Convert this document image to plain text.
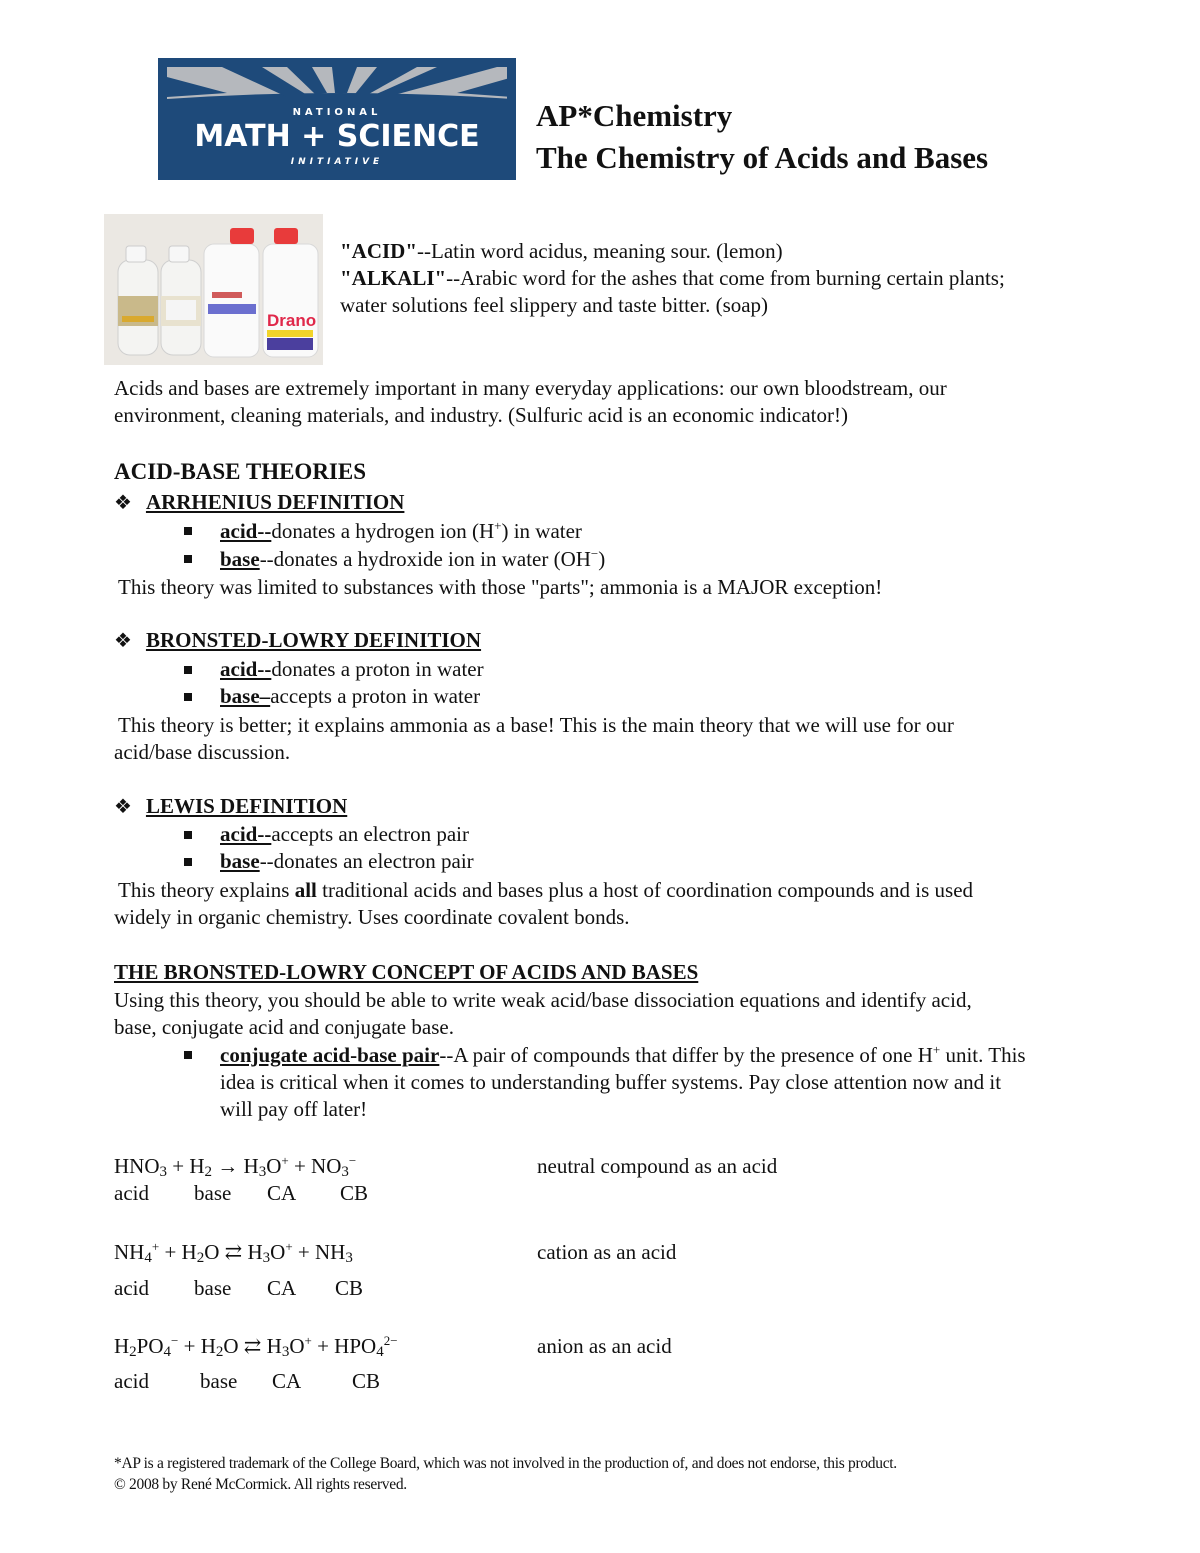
NATIONAL
MATH + SCIENCE
INITIATIVE
AP*Chemistry
The Chemistry of Acids and Bases
Drano
"ACID"--Latin word acidus, meaning sour. (lemon)
"ALKALI"--Arabic word for the ashes that come from burning certain plants;
water solutions feel slippery and taste bitter. (soap)
Acids and bases are extremely important in many everyday applications: our own bloodstream, our
environment, cleaning materials, and industry. (Sulfuric acid is an economic indicator!)
ACID-BASE THEORIES
❖ ARRHENIUS DEFINITION
acid--donates a hydrogen ion (H+) in water
base--donates a hydroxide ion in water (OH−)
This theory was limited to substances with those "parts"; ammonia is a MAJOR exception!
❖ BRONSTED-LOWRY DEFINITION
acid--donates a proton in water
base–accepts a proton in water
This theory is better; it explains ammonia as a base! This is the main theory that we will use for our
acid/base discussion.
❖ LEWIS DEFINITION
acid--accepts an electron pair
base--donates an electron pair
This theory explains all traditional acids and bases plus a host of coordination compounds and is used
widely in organic chemistry. Uses coordinate covalent bonds.
THE BRONSTED-LOWRY CONCEPT OF ACIDS AND BASES
Using this theory, you should be able to write weak acid/base dissociation equations and identify acid,
base, conjugate acid and conjugate base.
conjugate acid-base pair--A pair of compounds that differ by the presence of one H+ unit. This
idea is critical when it comes to understanding buffer systems. Pay close attention now and it
will pay off later!
$HNO_3 + H_2 \to H_3O^+ + NO_3^-$	neutral compound as an acid
acid base CA CB
$NH_4^+ + H_2O$ ⇄ $H_3O^+ + NH_3$	cation as an acid
acid base CA CB
$H_2PO_4^- + H_2O$ ⇄ $H_3O^+ + HPO_4^{2-}$	anion as an acid
acid base CA CB
*AP is a registered trademark of the College Board, which was not involved in the production of, and does not endorse, this product.
© 2008 by René McCormick. All rights reserved.
